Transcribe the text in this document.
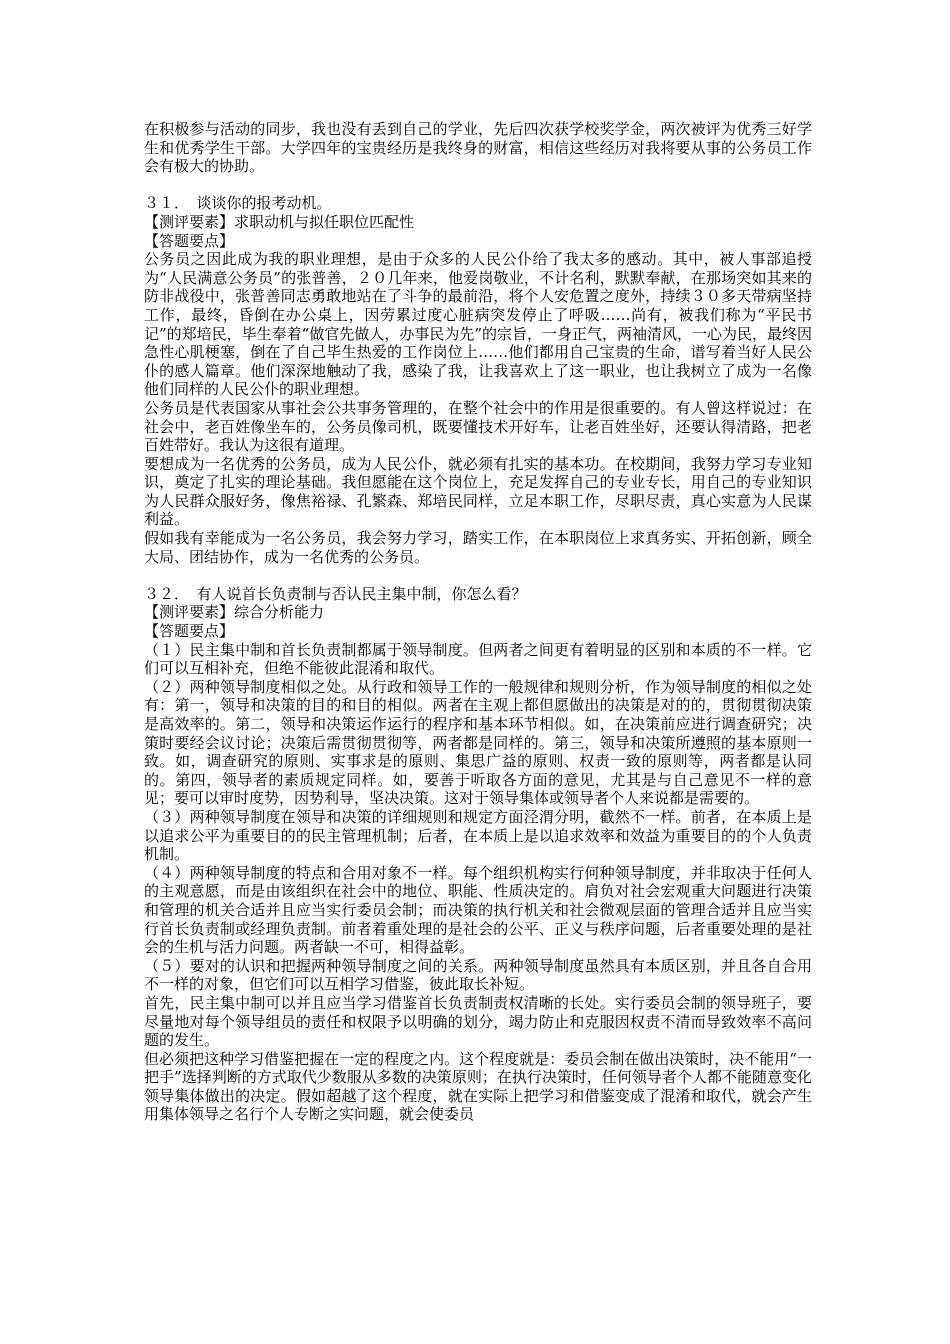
在积极参与活动的同步，我也没有丢到自己的学业，先后四次获学校奖学金，两次被评为优秀三好学生和优秀学生干部。大学四年的宝贵经历是我终身的财富，相信这些经历对我将要从事的公务员工作会有极大的协助。

３１．　谈谈你的报考动机。

【测评要素】求职动机与拟任职位匹配性

【答题要点】

公务员之因此成为我的职业理想，是由于众多的人民公仆给了我太多的感动。其中，被人事部追授为“人民满意公务员”的张普善，２０几年来，他爱岗敬业，不计名利，默默奉献，在那场突如其来的防非战役中，张普善同志勇敢地站在了斗争的最前沿，将个人安危置之度外，持续３０多天带病坚持工作，最终，昏倒在办公桌上，因劳累过度心脏病突发停止了呼吸……尚有，被我们称为“平民书记”的郑培民，毕生奉着“做官先做人，办事民为先”的宗旨，一身正气，两袖清风，一心为民，最终因急性心肌梗塞，倒在了自己毕生热爱的工作岗位上……他们都用自己宝贵的生命，谱写着当好人民公仆的感人篇章。他们深深地触动了我，感染了我，让我喜欢上了这一职业，也让我树立了成为一名像他们同样的人民公仆的职业理想。

公务员是代表国家从事社会公共事务管理的，在整个社会中的作用是很重要的。有人曾这样说过：在社会中，老百姓像坐车的，公务员像司机，既要懂技术开好车，让老百姓坐好，还要认得清路，把老百姓带好。我认为这很有道理。

要想成为一名优秀的公务员，成为人民公仆，就必须有扎实的基本功。在校期间，我努力学习专业知识，奠定了扎实的理论基础。我但愿能在这个岗位上，充足发挥自己的专业专长，用自己的专业知识为人民群众服好务，像焦裕禄、孔繁森、郑培民同样，立足本职工作，尽职尽责，真心实意为人民谋利益。

假如我有幸能成为一名公务员，我会努力学习，踏实工作，在本职岗位上求真务实、开拓创新，顾全大局、团结协作，成为一名优秀的公务员。

３２．　有人说首长负责制与否认民主集中制，你怎么看？

【测评要素】综合分析能力

【答题要点】

（１）民主集中制和首长负责制都属于领导制度。但两者之间更有着明显的区别和本质的不一样。它们可以互相补充，但绝不能彼此混淆和取代。

（２）两种领导制度相似之处。从行政和领导工作的一般规律和规则分析，作为领导制度的相似之处有：第一，领导和决策的目的和目的相似。两者在主观上都但愿做出的决策是对的的，贯彻贯彻决策是高效率的。第二，领导和决策运作运行的程序和基本环节相似。如，在决策前应进行调查研究；决策时要经会议讨论；决策后需贯彻贯彻等，两者都是同样的。第三，领导和决策所遵照的基本原则一致。如，调查研究的原则、实事求是的原则、集思广益的原则、权责一致的原则等，两者都是认同的。第四，领导者的素质规定同样。如，要善于听取各方面的意见，尤其是与自己意见不一样的意见；要可以审时度势，因势利导，坚决决策。这对于领导集体或领导者个人来说都是需要的。

（３）两种领导制度在领导和决策的详细规则和规定方面泾渭分明，截然不一样。前者，在本质上是以追求公平为重要目的的民主管理机制；后者，在本质上是以追求效率和效益为重要目的的个人负责机制。

（４）两种领导制度的特点和合用对象不一样。每个组织机构实行何种领导制度，并非取决于任何人的主观意愿，而是由该组织在社会中的地位、职能、性质决定的。肩负对社会宏观重大问题进行决策和管理的机关合适并且应当实行委员会制；而决策的执行机关和社会微观层面的管理合适并且应当实行首长负责制或经理负责制。前者着重处理的是社会的公平、正义与秩序问题，后者重要处理的是社会的生机与活力问题。两者缺一不可，相得益彰。

（５）要对的认识和把握两种领导制度之间的关系。两种领导制度虽然具有本质区别，并且各自合用不一样的对象，但它们可以互相学习借鉴，彼此取长补短。

首先，民主集中制可以并且应当学习借鉴首长负责制责权清晰的长处。实行委员会制的领导班子，要尽量地对每个领导组员的责任和权限予以明确的划分，竭力防止和克服因权责不清而导致效率不高问题的发生。

但必须把这种学习借鉴把握在一定的程度之内。这个程度就是：委员会制在做出决策时，决不能用“一把手”选择判断的方式取代少数服从多数的决策原则；在执行决策时，任何领导者个人都不能随意变化领导集体做出的决定。假如超越了这个程度，就在实际上把学习和借鉴变成了混淆和取代，就会产生用集体领导之名行个人专断之实问题，就会使委员
